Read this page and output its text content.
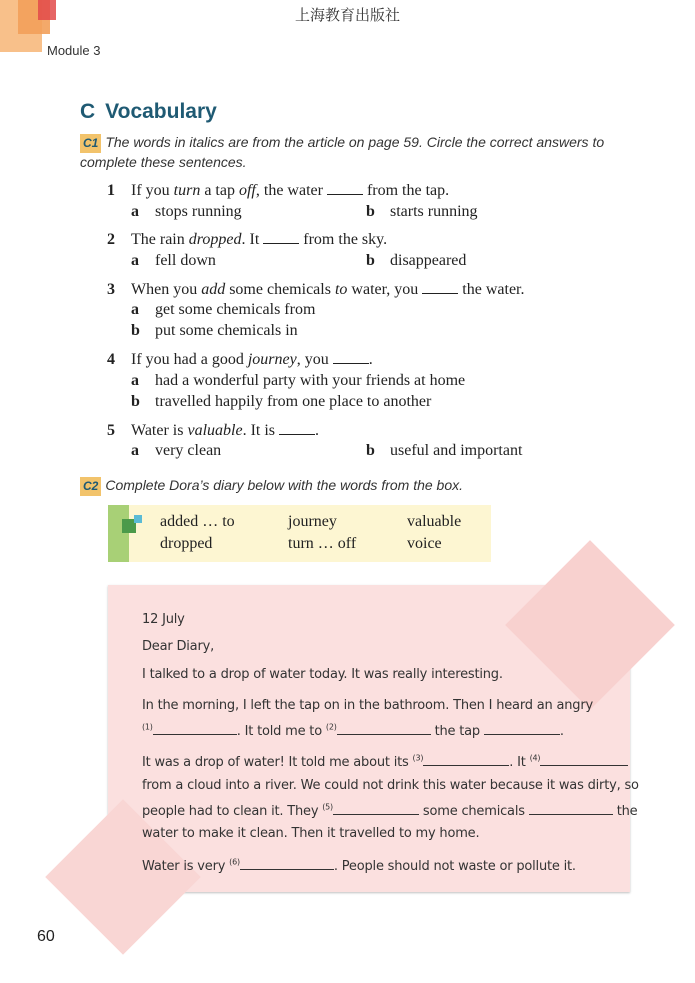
上海教育出版社
Module 3
C Vocabulary
C1 The words in italics are from the article on page 59. Circle the correct answers to
complete these sentences.
1 If you turn a tap off, the water	from the tap.
a stops running	b starts running
2 The rain dropped. It	from the sky.
a fell down	b disappeared
3 When you add some chemicals to water, you	the water.
a get some chemicals from
b put some chemicals in
4 If you had a good journey, you	.
a had a wonderful party with your friends at home
b travelled happily from one place to another
5 Water is valuable. It is	.
a very clean	b useful and important
C2 Complete Dora’s diary below with the words from the box.
added … to	journey	valuable
dropped	turn … off	voice
12 July
Dear Diary,
I talked to a drop of water today. It was really interesting.
In the morning, I left the tap on in the bathroom. Then I heard an angry
$^{(1)}$	. It told me to $^{(2)}$	the tap	.
It was a drop of water! It told me about its $^{(3)}$	. It $^{(4)}$
from a cloud into a river. We could not drink this water because it was dirty, so
people had to clean it. They $^{(5)}$	some chemicals	the
water to make it clean. Then it travelled to my home.
Water is very $^{(6)}$	. People should not waste or pollute it.
60
